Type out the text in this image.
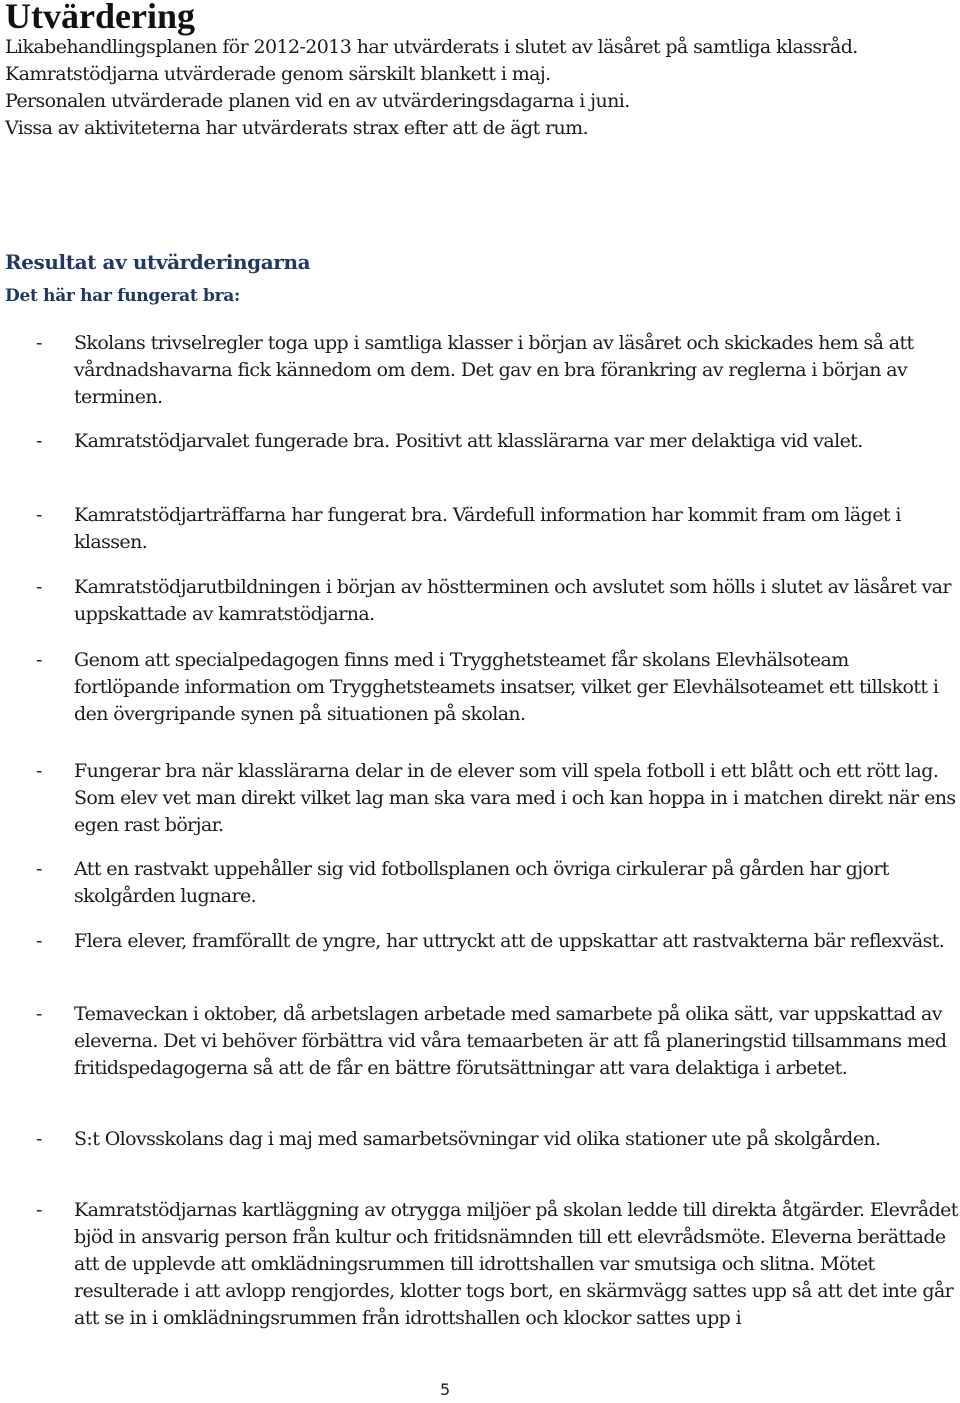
Utvärdering

Likabehandlingsplanen för 2012-2013 har utvärderats i slutet av läsåret på samtliga klassråd.

Kamratstödjarna utvärderade genom särskilt blankett i maj.

Personalen utvärderade planen vid en av utvärderingsdagarna i juni.

Vissa av aktiviteterna har utvärderats strax efter att de ägt rum.

Resultat av utvärderingarna
Det här har fungerat bra:
- Skolans trivselregler toga upp i samtliga klasser i början av läsåret och skickades hem så att vårdnadshavarna fick kännedom om dem. Det gav en bra förankring av reglerna i början av terminen.
- Kamratstödjarvalet fungerade bra. Positivt att klasslärarna var mer delaktiga vid valet.
- Kamratstödjarträffarna har fungerat bra. Värdefull information har kommit fram om läget i klassen.
- Kamratstödjarutbildningen i början av höstterminen och avslutet som hölls i slutet av läsåret var uppskattade av kamratstödjarna.
- Genom att specialpedagogen finns med i Trygghetsteamet får skolans Elevhälsoteam fortlöpande information om Trygghetsteamets insatser, vilket ger Elevhälsoteamet ett tillskott i den övergripande synen på situationen på skolan.
- Fungerar bra när klasslärarna delar in de elever som vill spela fotboll i ett blått och ett rött lag. Som elev vet man direkt vilket lag man ska vara med i och kan hoppa in i matchen direkt när ens egen rast börjar.
- Att en rastvakt uppehåller sig vid fotbollsplanen och övriga cirkulerar på gården har gjort skolgården lugnare.
- Flera elever, framförallt de yngre, har uttryckt att de uppskattar att rastvakterna bär reflexväst.
- Temaveckan i oktober, då arbetslagen arbetade med samarbete på olika sätt, var uppskattad av eleverna. Det vi behöver förbättra vid våra temaarbeten är att få planeringstid tillsammans med fritidspedagogerna så att de får en bättre förutsättningar att vara delaktiga i arbetet.
- S:t Olovsskolans dag i maj med samarbetsövningar vid olika stationer ute på skolgården.
- Kamratstödjarnas kartläggning av otrygga miljöer på skolan ledde till direkta åtgärder. Elevrådet bjöd in ansvarig person från kultur och fritidsnämnden till ett elevrådsmöte. Eleverna berättade att de upplevde att omklädningsrummen till idrottshallen var smutsiga och slitna. Mötet resulterade i att avlopp rengjordes, klotter togs bort, en skärmvägg sattes upp så att det inte går att se in i omklädningsrummen från idrottshallen och klockor sattes upp i
5
